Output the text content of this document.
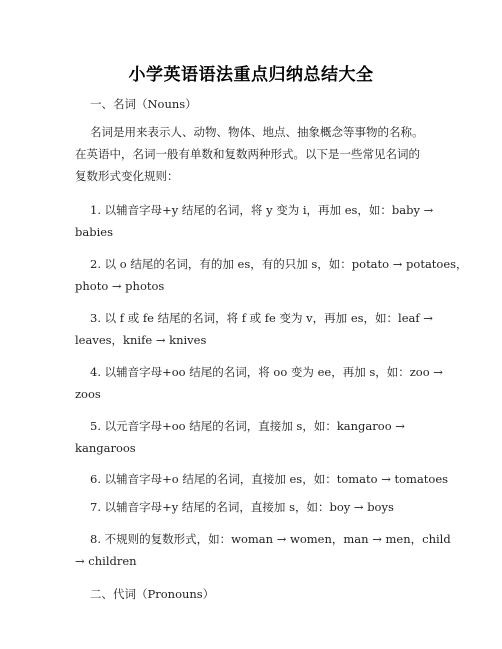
小学英语语法重点归纳总结大全
一、名词（Nouns）
名词是用来表示人、动物、物体、地点、抽象概念等事物的名称。
在英语中，名词一般有单数和复数两种形式。以下是一些常见名词的
复数形式变化规则：
1. 以辅音字母+y 结尾的名词，将 y 变为 i，再加 es，如：baby →
babies
2. 以 o 结尾的名词，有的加 es，有的只加 s，如：potato → potatoes，
photo → photos
3. 以 f 或 fe 结尾的名词，将 f 或 fe 变为 v，再加 es，如：leaf →
leaves，knife → knives
4. 以辅音字母+oo 结尾的名词，将 oo 变为 ee，再加 s，如：zoo →
zoos
5. 以元音字母+oo 结尾的名词，直接加 s，如：kangaroo →
kangaroos
6. 以辅音字母+o 结尾的名词，直接加 es，如：tomato → tomatoes
7. 以辅音字母+y 结尾的名词，直接加 s，如：boy → boys
8. 不规则的复数形式，如：woman → women，man → men，child
→ children
二、代词（Pronouns）
